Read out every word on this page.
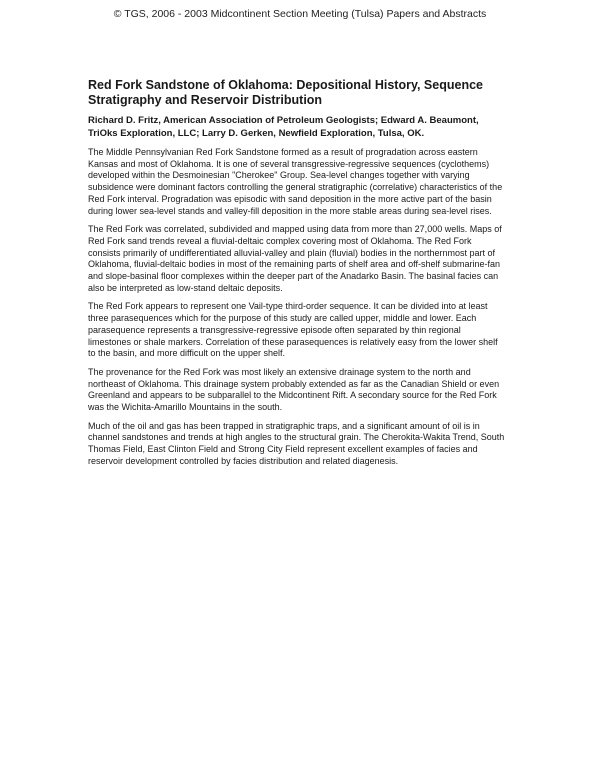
© TGS, 2006 - 2003 Midcontinent Section Meeting (Tulsa) Papers and Abstracts
Red Fork Sandstone of Oklahoma: Depositional History, Sequence Stratigraphy and Reservoir Distribution
Richard D. Fritz, American Association of Petroleum Geologists; Edward A. Beaumont, TriOks Exploration, LLC; Larry D. Gerken, Newfield Exploration, Tulsa, OK.

The Middle Pennsylvanian Red Fork Sandstone formed as a result of progradation across eastern Kansas and most of Oklahoma. It is one of several transgressive-regressive sequences (cyclothems) developed within the Desmoinesian "Cherokee" Group. Sea-level changes together with varying subsidence were dominant factors controlling the general stratigraphic (correlative) characteristics of the Red Fork interval. Progradation was episodic with sand deposition in the more active part of the basin during lower sea-level stands and valley-fill deposition in the more stable areas during sea-level rises.

The Red Fork was correlated, subdivided and mapped using data from more than 27,000 wells. Maps of Red Fork sand trends reveal a fluvial-deltaic complex covering most of Oklahoma. The Red Fork consists primarily of undifferentiated alluvial-valley and plain (fluvial) bodies in the northernmost part of Oklahoma, fluvial-deltaic bodies in most of the remaining parts of shelf area and off-shelf submarine-fan and slope-basinal floor complexes within the deeper part of the Anadarko Basin. The basinal facies can also be interpreted as low-stand deltaic deposits.

The Red Fork appears to represent one Vail-type third-order sequence. It can be divided into at least three parasequences which for the purpose of this study are called upper, middle and lower. Each parasequence represents a transgressive-regressive episode often separated by thin regional limestones or shale markers. Correlation of these parasequences is relatively easy from the lower shelf to the basin, and more difficult on the upper shelf.

The provenance for the Red Fork was most likely an extensive drainage system to the north and northeast of Oklahoma. This drainage system probably extended as far as the Canadian Shield or even Greenland and appears to be subparallel to the Midcontinent Rift. A secondary source for the Red Fork was the Wichita-Amarillo Mountains in the south.

Much of the oil and gas has been trapped in stratigraphic traps, and a significant amount of oil is in channel sandstones and trends at high angles to the structural grain. The Cherokita-Wakita Trend, South Thomas Field, East Clinton Field and Strong City Field represent excellent examples of facies and reservoir development controlled by facies distribution and related diagenesis.
